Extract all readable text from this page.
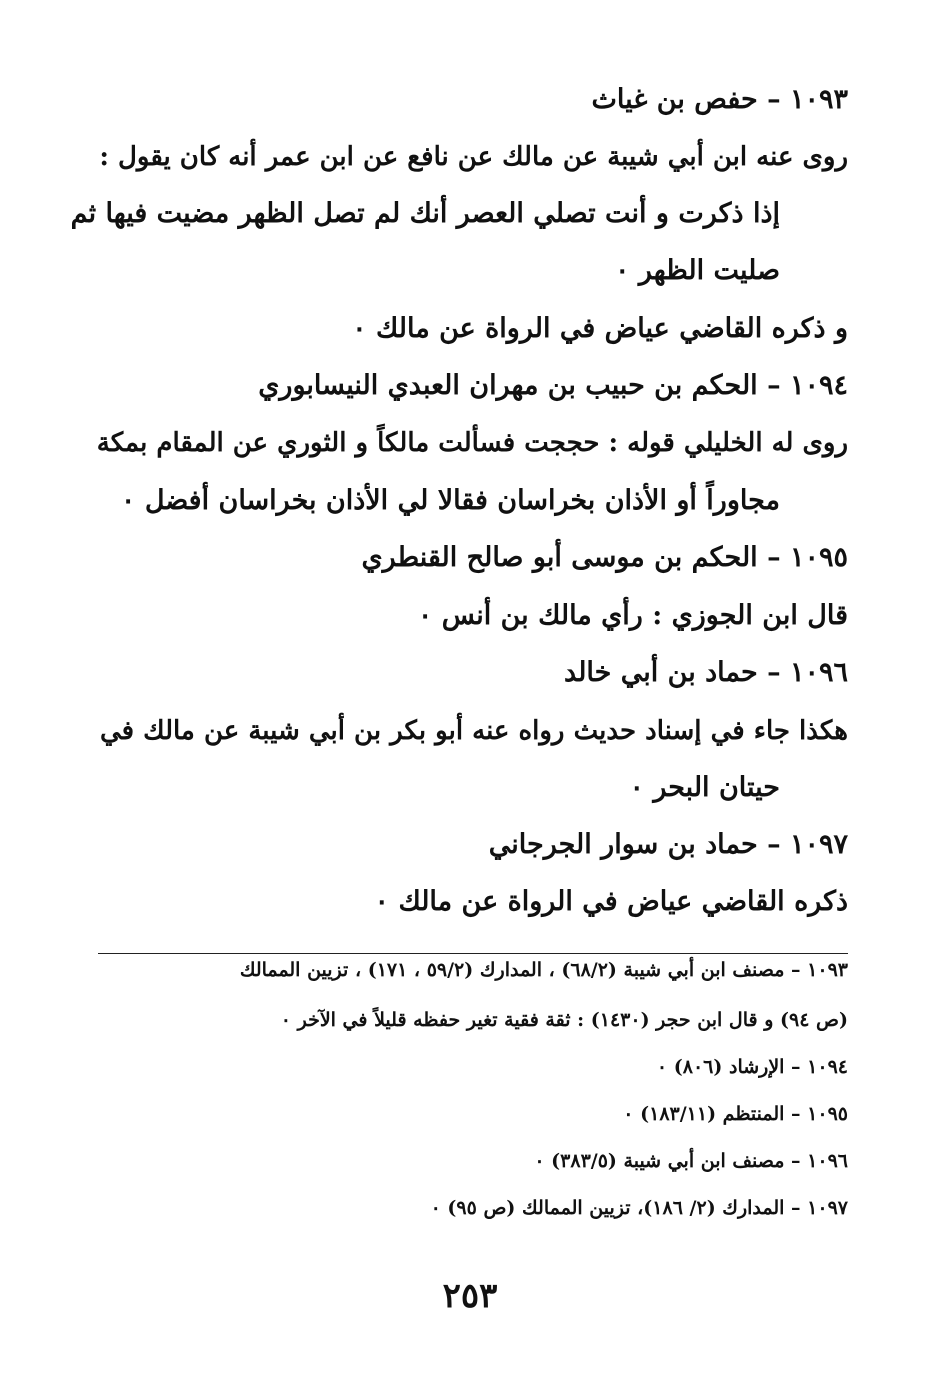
١٠٩٣ – حفص بن غياث
روى عنه ابن أبي شيبة عن مالك عن نافع عن ابن عمر أنه كان يقول :
إذا ذكرت و أنت تصلي العصر أنك لم تصل الظهر مضيت فيها ثم
صليت الظهر ٠
و ذكره القاضي عياض في الرواة عن مالك ٠
١٠٩٤ – الحكم بن حبيب بن مهران العبدي النيسابوري
روى له الخليلي قوله : حججت فسألت مالكاً و الثوري عن المقام بمكة
مجاوراً أو الأذان بخراسان فقالا لي الأذان بخراسان أفضل ٠
١٠٩٥ – الحكم بن موسى أبو صالح القنطري
قال ابن الجوزي : رأي مالك بن أنس ٠
١٠٩٦ – حماد بن أبي خالد
هكذا جاء في إسناد حديث رواه عنه أبو بكر بن أبي شيبة عن مالك في
حيتان البحر ٠
١٠٩٧ – حماد بن سوار الجرجاني
ذكره القاضي عياض في الرواة عن مالك ٠
١٠٩٣ – مصنف ابن أبي شيبة (٦٨/٢) ، المدارك (٥٩/٢ ، ١٧١) ، تزيين الممالك
(ص ٩٤) و قال ابن حجر (١٤٣٠) : ثقة فقية تغير حفظه قليلاً في الآخر ٠
١٠٩٤ – الإرشاد (٨٠٦) ٠
١٠٩٥ – المنتظم (١٨٣/١١) ٠
١٠٩٦ – مصنف ابن أبي شيبة (٣٨٣/٥) ٠
١٠٩٧ – المدارك (٢/ ١٨٦)، تزيين الممالك (ص ٩٥) ٠
٢٥٣
